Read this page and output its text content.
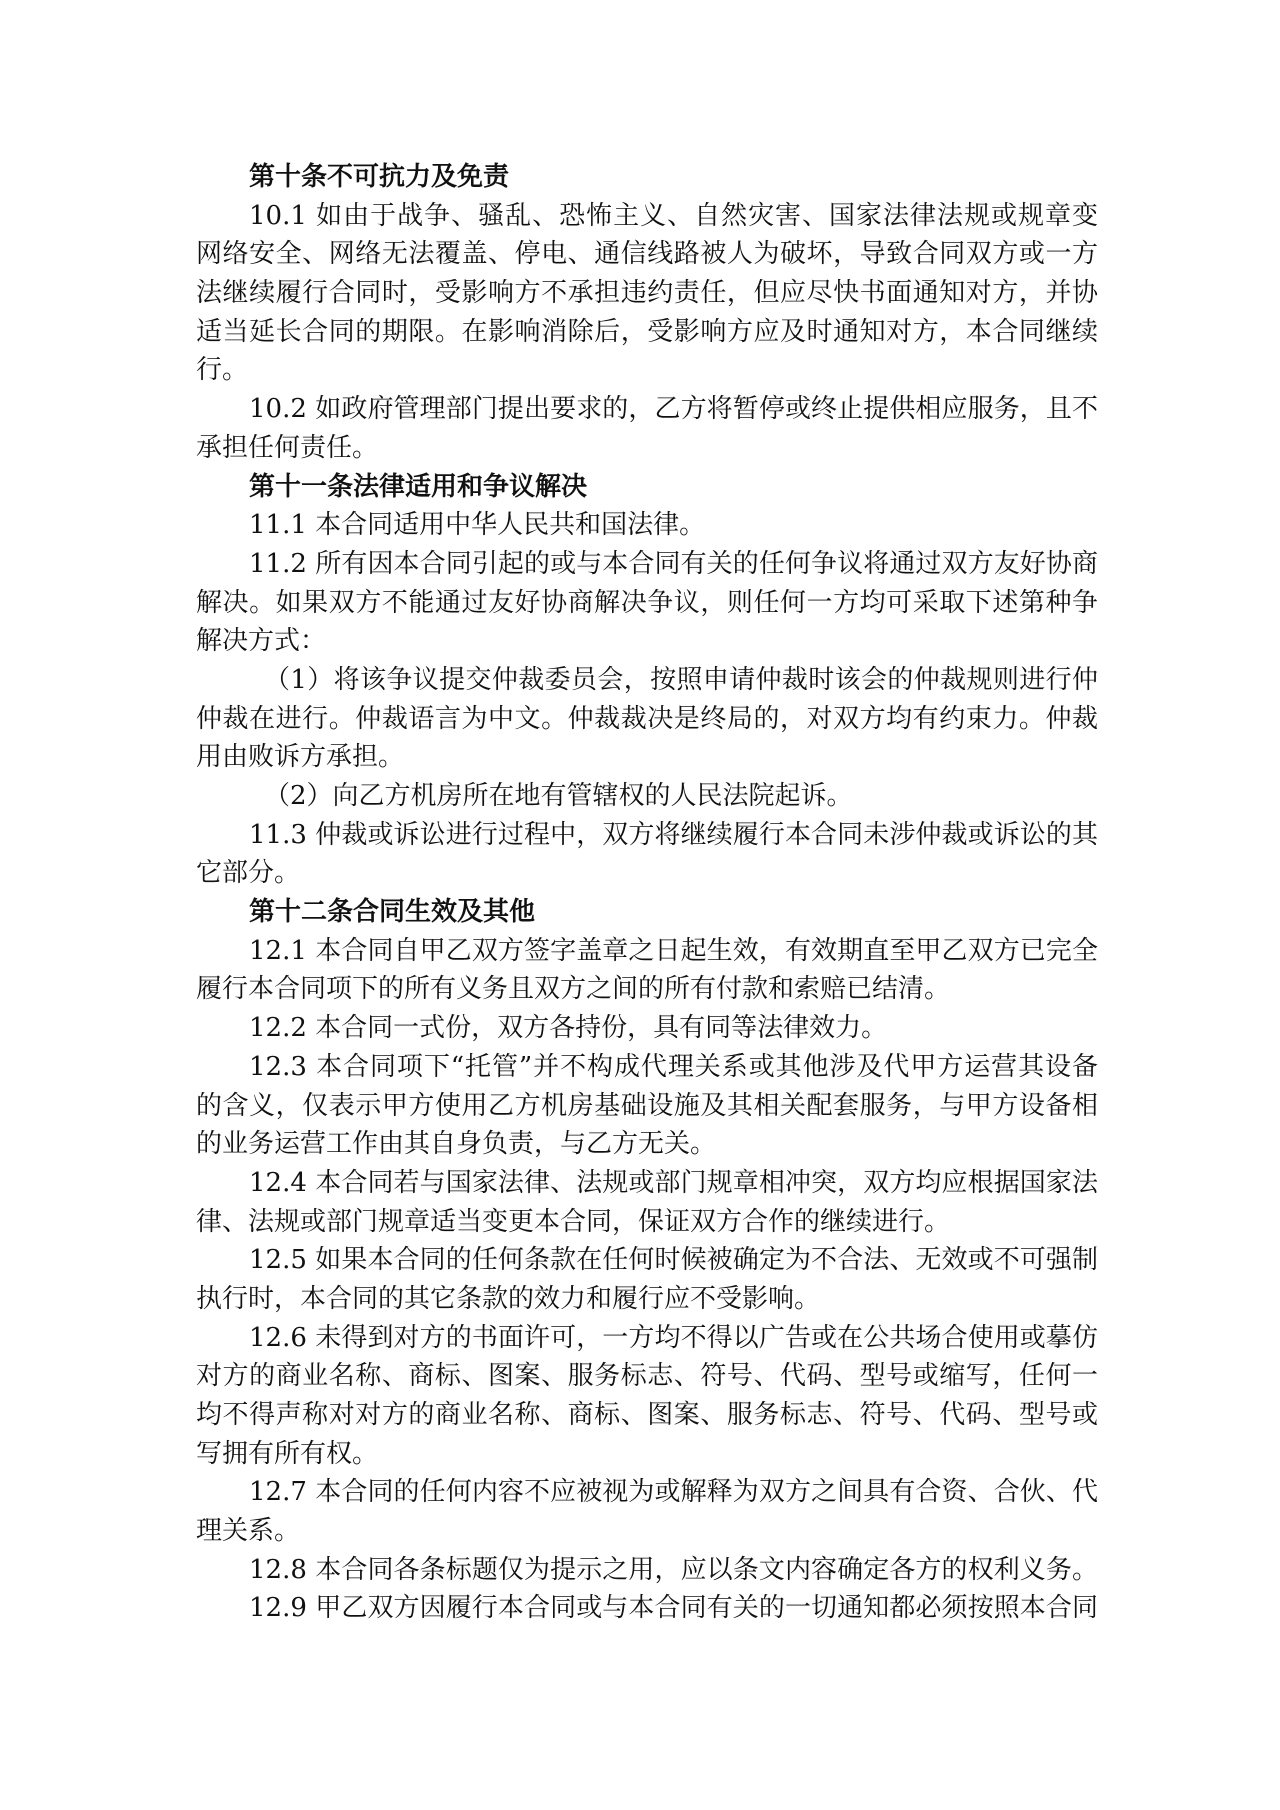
第十条不可抗力及免责
10.1 如由于战争、骚乱、恐怖主义、自然灾害、国家法律法规或规章变
网络安全、网络无法覆盖、停电、通信线路被人为破坏，导致合同双方或一方
法继续履行合同时，受影响方不承担违约责任，但应尽快书面通知对方，并协
适当延长合同的期限。在影响消除后，受影响方应及时通知对方，本合同继续
行。
10.2 如政府管理部门提出要求的，乙方将暂停或终止提供相应服务，且不
承担任何责任。
第十一条法律适用和争议解决
11.1 本合同适用中华人民共和国法律。
11.2 所有因本合同引起的或与本合同有关的任何争议将通过双方友好协商
解决。如果双方不能通过友好协商解决争议，则任何一方均可采取下述第种争
解决方式：
（1）将该争议提交仲裁委员会，按照申请仲裁时该会的仲裁规则进行仲
仲裁在进行。仲裁语言为中文。仲裁裁决是终局的，对双方均有约束力。仲裁
用由败诉方承担。
（2）向乙方机房所在地有管辖权的人民法院起诉。
11.3 仲裁或诉讼进行过程中，双方将继续履行本合同未涉仲裁或诉讼的其
它部分。
第十二条合同生效及其他
12.1 本合同自甲乙双方签字盖章之日起生效，有效期直至甲乙双方已完全
履行本合同项下的所有义务且双方之间的所有付款和索赔已结清。
12.2 本合同一式份，双方各持份，具有同等法律效力。
12.3 本合同项下“托管”并不构成代理关系或其他涉及代甲方运营其设备
的含义，仅表示甲方使用乙方机房基础设施及其相关配套服务，与甲方设备相
的业务运营工作由其自身负责，与乙方无关。
12.4 本合同若与国家法律、法规或部门规章相冲突，双方均应根据国家法
律、法规或部门规章适当变更本合同，保证双方合作的继续进行。
12.5 如果本合同的任何条款在任何时候被确定为不合法、无效或不可强制
执行时，本合同的其它条款的效力和履行应不受影响。
12.6 未得到对方的书面许可，一方均不得以广告或在公共场合使用或摹仿
对方的商业名称、商标、图案、服务标志、符号、代码、型号或缩写，任何一
均不得声称对对方的商业名称、商标、图案、服务标志、符号、代码、型号或
写拥有所有权。
12.7 本合同的任何内容不应被视为或解释为双方之间具有合资、合伙、代
理关系。
12.8 本合同各条标题仅为提示之用，应以条文内容确定各方的权利义务。
12.9 甲乙双方因履行本合同或与本合同有关的一切通知都必须按照本合同
